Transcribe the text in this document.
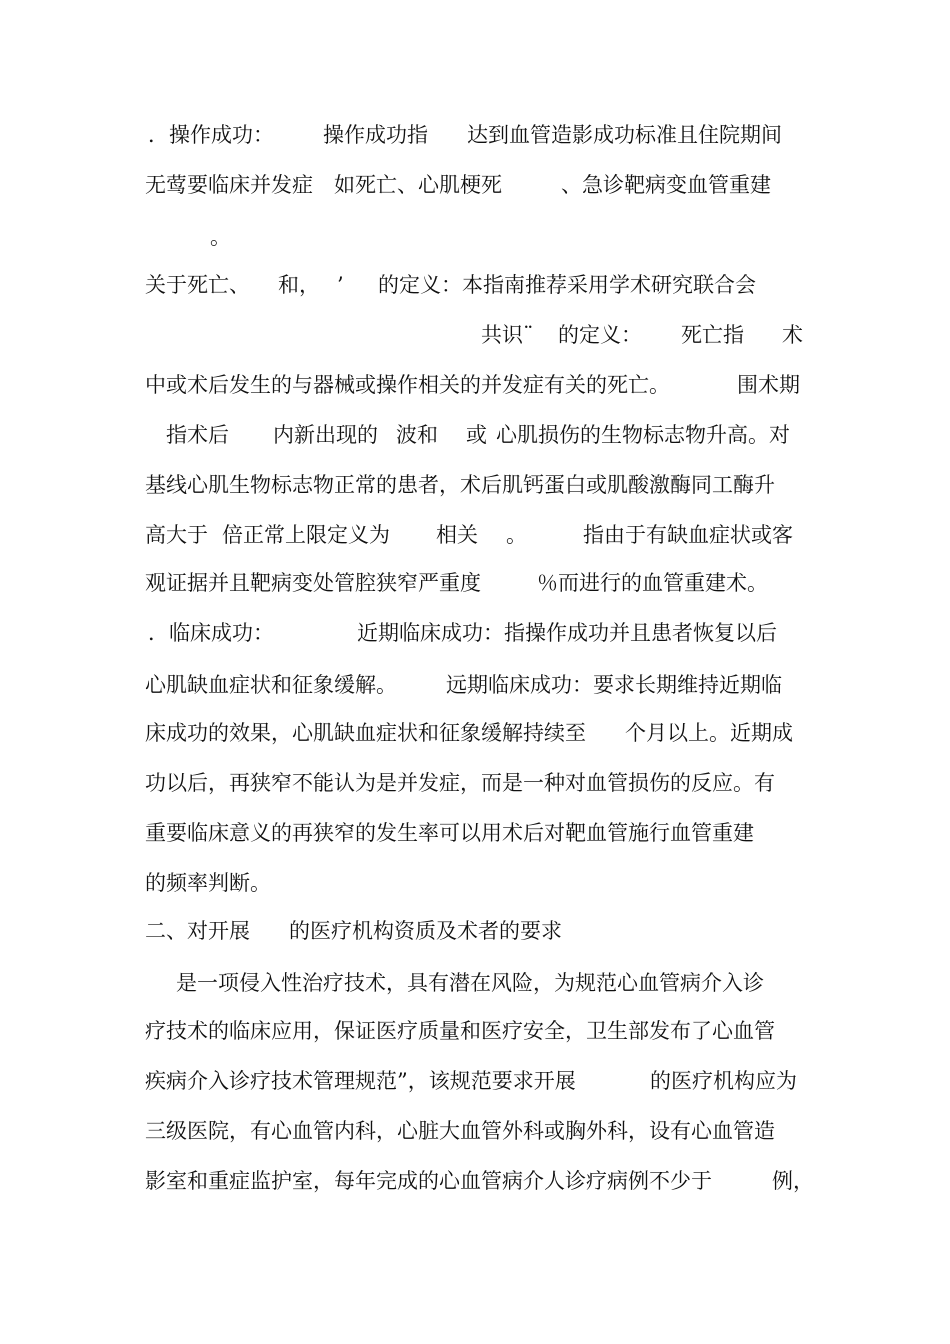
．操作成功：

操作成功指

达到血管造影成功标准且住院期间

无莺要临床并发症

如死亡、心肌梗死

	、急诊靶病变血管重建

。

关于死亡、

和，

’

的定义：本指南推荐采用学术研究联合会

共识¨

的定义：

死亡指

术

中或术后发生的与器械或操作相关的并发症有关的死亡。

	围术期

指术后

内新出现的

波和

或

心肌损伤的生物标志物升高。对

基线心肌生物标志物正常的患者，术后肌钙蛋白或肌酸激酶同工酶升

高大于

倍正常上限定义为

相关

。

	指由于有缺血症状或客

观证据并且靶病变处管腔狭窄严重度

	％而进行的血管重建术。

．临床成功：

	近期临床成功：指操作成功并且患者恢复以后

心肌缺血症状和征象缓解。

远期临床成功：要求长期维持近期临

床成功的效果，心肌缺血症状和征象缓解持续至

个月以上。近期成

功以后，再狭窄不能认为是并发症，而是一种对血管损伤的反应。有

重要临床意义的再狭窄的发生率可以用术后对靶血管施行血管重建

的频率判断。

二、对开展

的医疗机构资质及术者的要求

是一项侵入性治疗技术，具有潜在风险，为规范心血管病介入诊

疗技术的临床应用，保证医疗质量和医疗安全，卫生部发布了心血管

疾病介入诊疗技术管理规范”，该规范要求开展

	的医疗机构应为

三级医院，有心血管内科，心脏大血管外科或胸外科，设有心血管造

影室和重症监护室，每年完成的心血管病介人诊疗病例不少于

	例，
